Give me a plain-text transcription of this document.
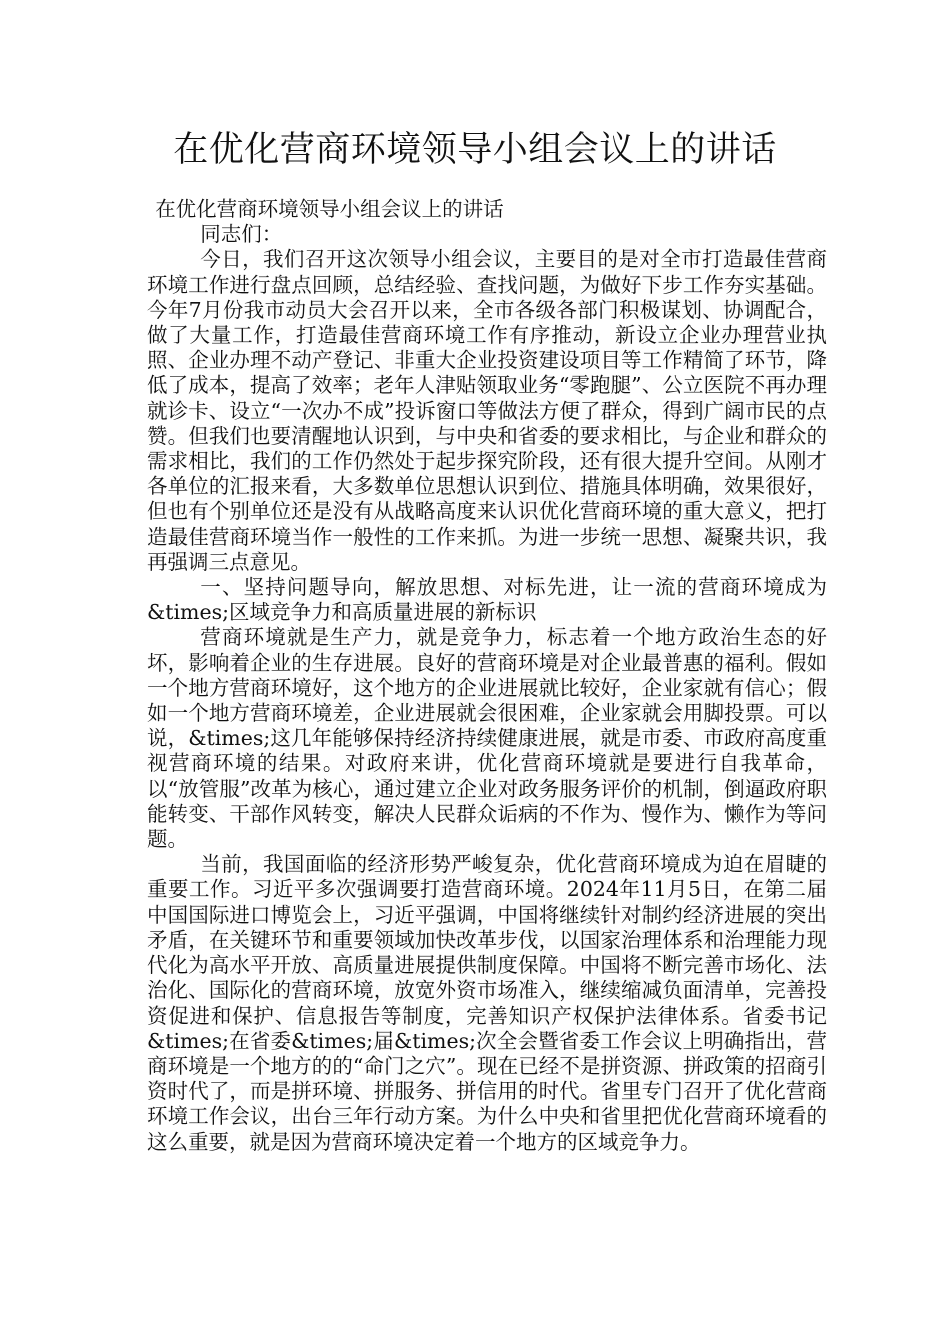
在优化营商环境领导小组会议上的讲话

在优化营商环境领导小组会议上的讲话

同志们：

今日，我们召开这次领导小组会议，主要目的是对全市打造最佳营商环境工作进行盘点回顾，总结经验、查找问题，为做好下步工作夯实基础。今年7月份我市动员大会召开以来，全市各级各部门积极谋划、协调配合，做了大量工作，打造最佳营商环境工作有序推动，新设立企业办理营业执照、企业办理不动产登记、非重大企业投资建设项目等工作精简了环节，降低了成本，提高了效率；老年人津贴领取业务“零跑腿”、公立医院不再办理就诊卡、设立“一次办不成”投诉窗口等做法方便了群众，得到广阔市民的点赞。但我们也要清醒地认识到，与中央和省委的要求相比，与企业和群众的需求相比，我们的工作仍然处于起步探究阶段，还有很大提升空间。从刚才各单位的汇报来看，大多数单位思想认识到位、措施具体明确，效果很好，但也有个别单位还是没有从战略高度来认识优化营商环境的重大意义，把打造最佳营商环境当作一般性的工作来抓。为进一步统一思想、凝聚共识，我再强调三点意见。

一、坚持问题导向，解放思想、对标先进，让一流的营商环境成为&times;区域竞争力和高质量进展的新标识

营商环境就是生产力，就是竞争力，标志着一个地方政治生态的好坏，影响着企业的生存进展。良好的营商环境是对企业最普惠的福利。假如一个地方营商环境好，这个地方的企业进展就比较好，企业家就有信心；假如一个地方营商环境差，企业进展就会很困难，企业家就会用脚投票。可以说，&times;这几年能够保持经济持续健康进展，就是市委、市政府高度重视营商环境的结果。对政府来讲，优化营商环境就是要进行自我革命，以“放管服”改革为核心，通过建立企业对政务服务评价的机制，倒逼政府职能转变、干部作风转变，解决人民群众诟病的不作为、慢作为、懒作为等问题。

当前，我国面临的经济形势严峻复杂，优化营商环境成为迫在眉睫的重要工作。习近平多次强调要打造营商环境。2024年11月5日，在第二届中国国际进口博览会上，习近平强调，中国将继续针对制约经济进展的突出矛盾，在关键环节和重要领域加快改革步伐，以国家治理体系和治理能力现代化为高水平开放、高质量进展提供制度保障。中国将不断完善市场化、法治化、国际化的营商环境，放宽外资市场准入，继续缩减负面清单，完善投资促进和保护、信息报告等制度，完善知识产权保护法律体系。省委书记&times;在省委&times;届&times;次全会暨省委工作会议上明确指出，营商环境是一个地方的的“命门之穴”。现在已经不是拼资源、拼政策的招商引资时代了，而是拼环境、拼服务、拼信用的时代。省里专门召开了优化营商环境工作会议，出台三年行动方案。为什么中央和省里把优化营商环境看的这么重要，就是因为营商环境决定着一个地方的区域竞争力。
